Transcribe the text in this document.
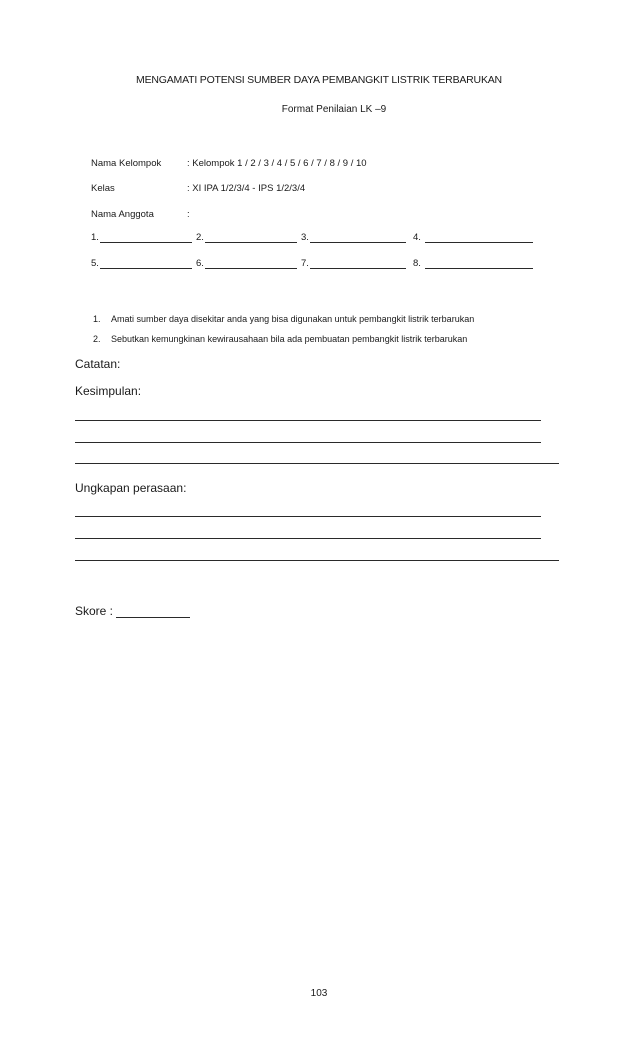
MENGAMATI POTENSI SUMBER DAYA PEMBANGKIT LISTRIK TERBARUKAN
Format Penilaian LK –9
Nama Kelompok	: Kelompok 1 / 2 / 3 / 4 / 5 / 6 / 7 / 8 / 9 / 10
Kelas	: XI IPA 1/2/3/4 - IPS 1/2/3/4
Nama Anggota	:
1.	2.	3.	4.
5.	6.	7.	8.
1. Amati sumber daya disekitar anda yang bisa digunakan untuk pembangkit listrik terbarukan
2. Sebutkan kemungkinan kewirausahaan bila ada pembuatan pembangkit listrik terbarukan
Catatan:
Kesimpulan:
Ungkapan perasaan:
Skore :
103
